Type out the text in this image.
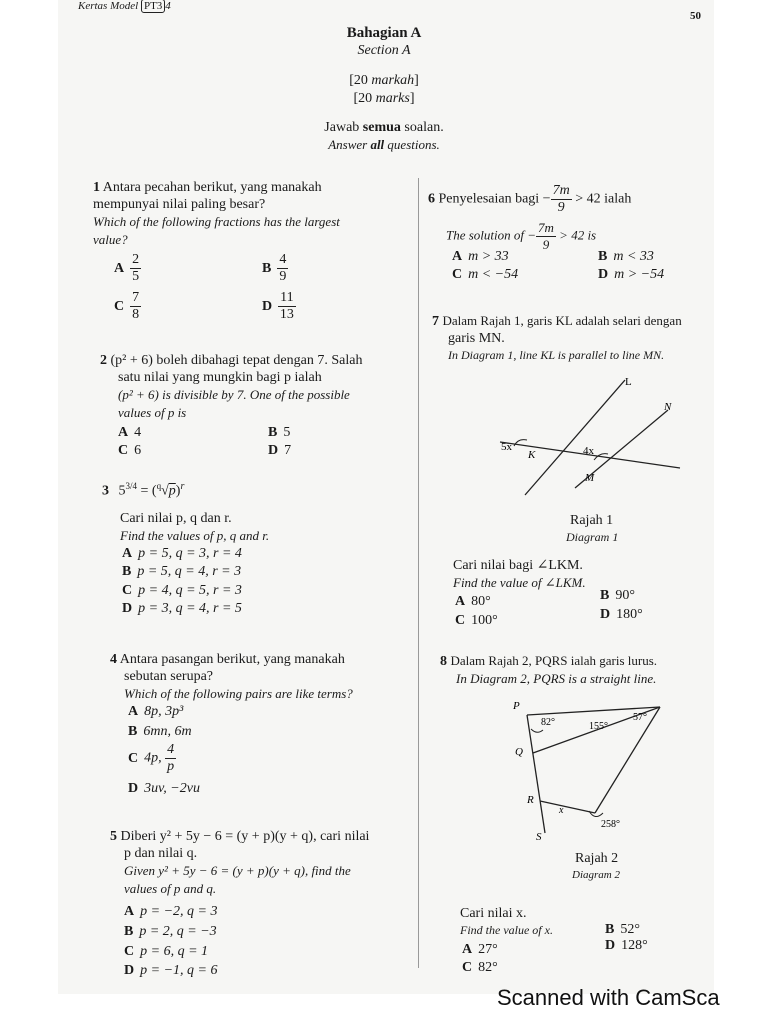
Kertas Model PT3 4
50
Bahagian A
Section A
[20 markah]
[20 marks]
Jawab semua soalan.
Answer all questions.
1 Antara pecahan berikut, yang manakah
mempunyai nilai paling besar?
Which of the following fractions has the largest
value?
A $\frac{2}{5}$	B $\frac{4}{9}$
C $\frac{7}{8}$	D $\frac{11}{13}$
2 (p² + 6) boleh dibahagi tepat dengan 7. Salah
satu nilai yang mungkin bagi p ialah
(p² + 6) is divisible by 7. One of the possible
values of p is
A 4	B 5
C 6	D 7
3 $5^{3/4} = (^q√p)^r$
Cari nilai p, q dan r.
Find the values of p, q and r.
A p = 5, q = 3, r = 4
B p = 5, q = 4, r = 3
C p = 4, q = 5, r = 3
D p = 3, q = 4, r = 5
4 Antara pasangan berikut, yang manakah
sebutan serupa?
Which of the following pairs are like terms?
A 8p, 3p³
B 6mn, 6m
C 4p, $\frac{4}{p}$
D 3uv, −2vu
5 Diberi y² + 5y − 6 = (y + p)(y + q), cari nilai
p dan nilai q.
Given y² + 5y − 6 = (y + p)(y + q), find the
values of p and q.
A p = −2, q = 3
B p = 2, q = −3
C p = 6, q = 1
D p = −1, q = 6
6 Penyelesaian bagi − $\frac{7m}{9} > 42$ ialah
The solution of − $\frac{7m}{9} > 42$ is
A m > 33	B m < 33
C m < −54	D m > −54
7 Dalam Rajah 1, garis KL adalah selari dengan
garis MN.
In Diagram 1, line KL is parallel to line MN.
L
N
K
M
5x	4x
Rajah 1
Diagram 1
Cari nilai bagi ∠LKM.
Find the value of ∠LKM.
A 80°	B 90°
C 100°	D 180°
8 Dalam Rajah 2, PQRS ialah garis lurus.
In Diagram 2, PQRS is a straight line.
P
Q
R
S
82°	155°
57°
258°
x
Rajah 2
Diagram 2
Cari nilai x.
Find the value of x.
A 27°
B 52°
C 82°
D 128°
Scanned with CamSca
